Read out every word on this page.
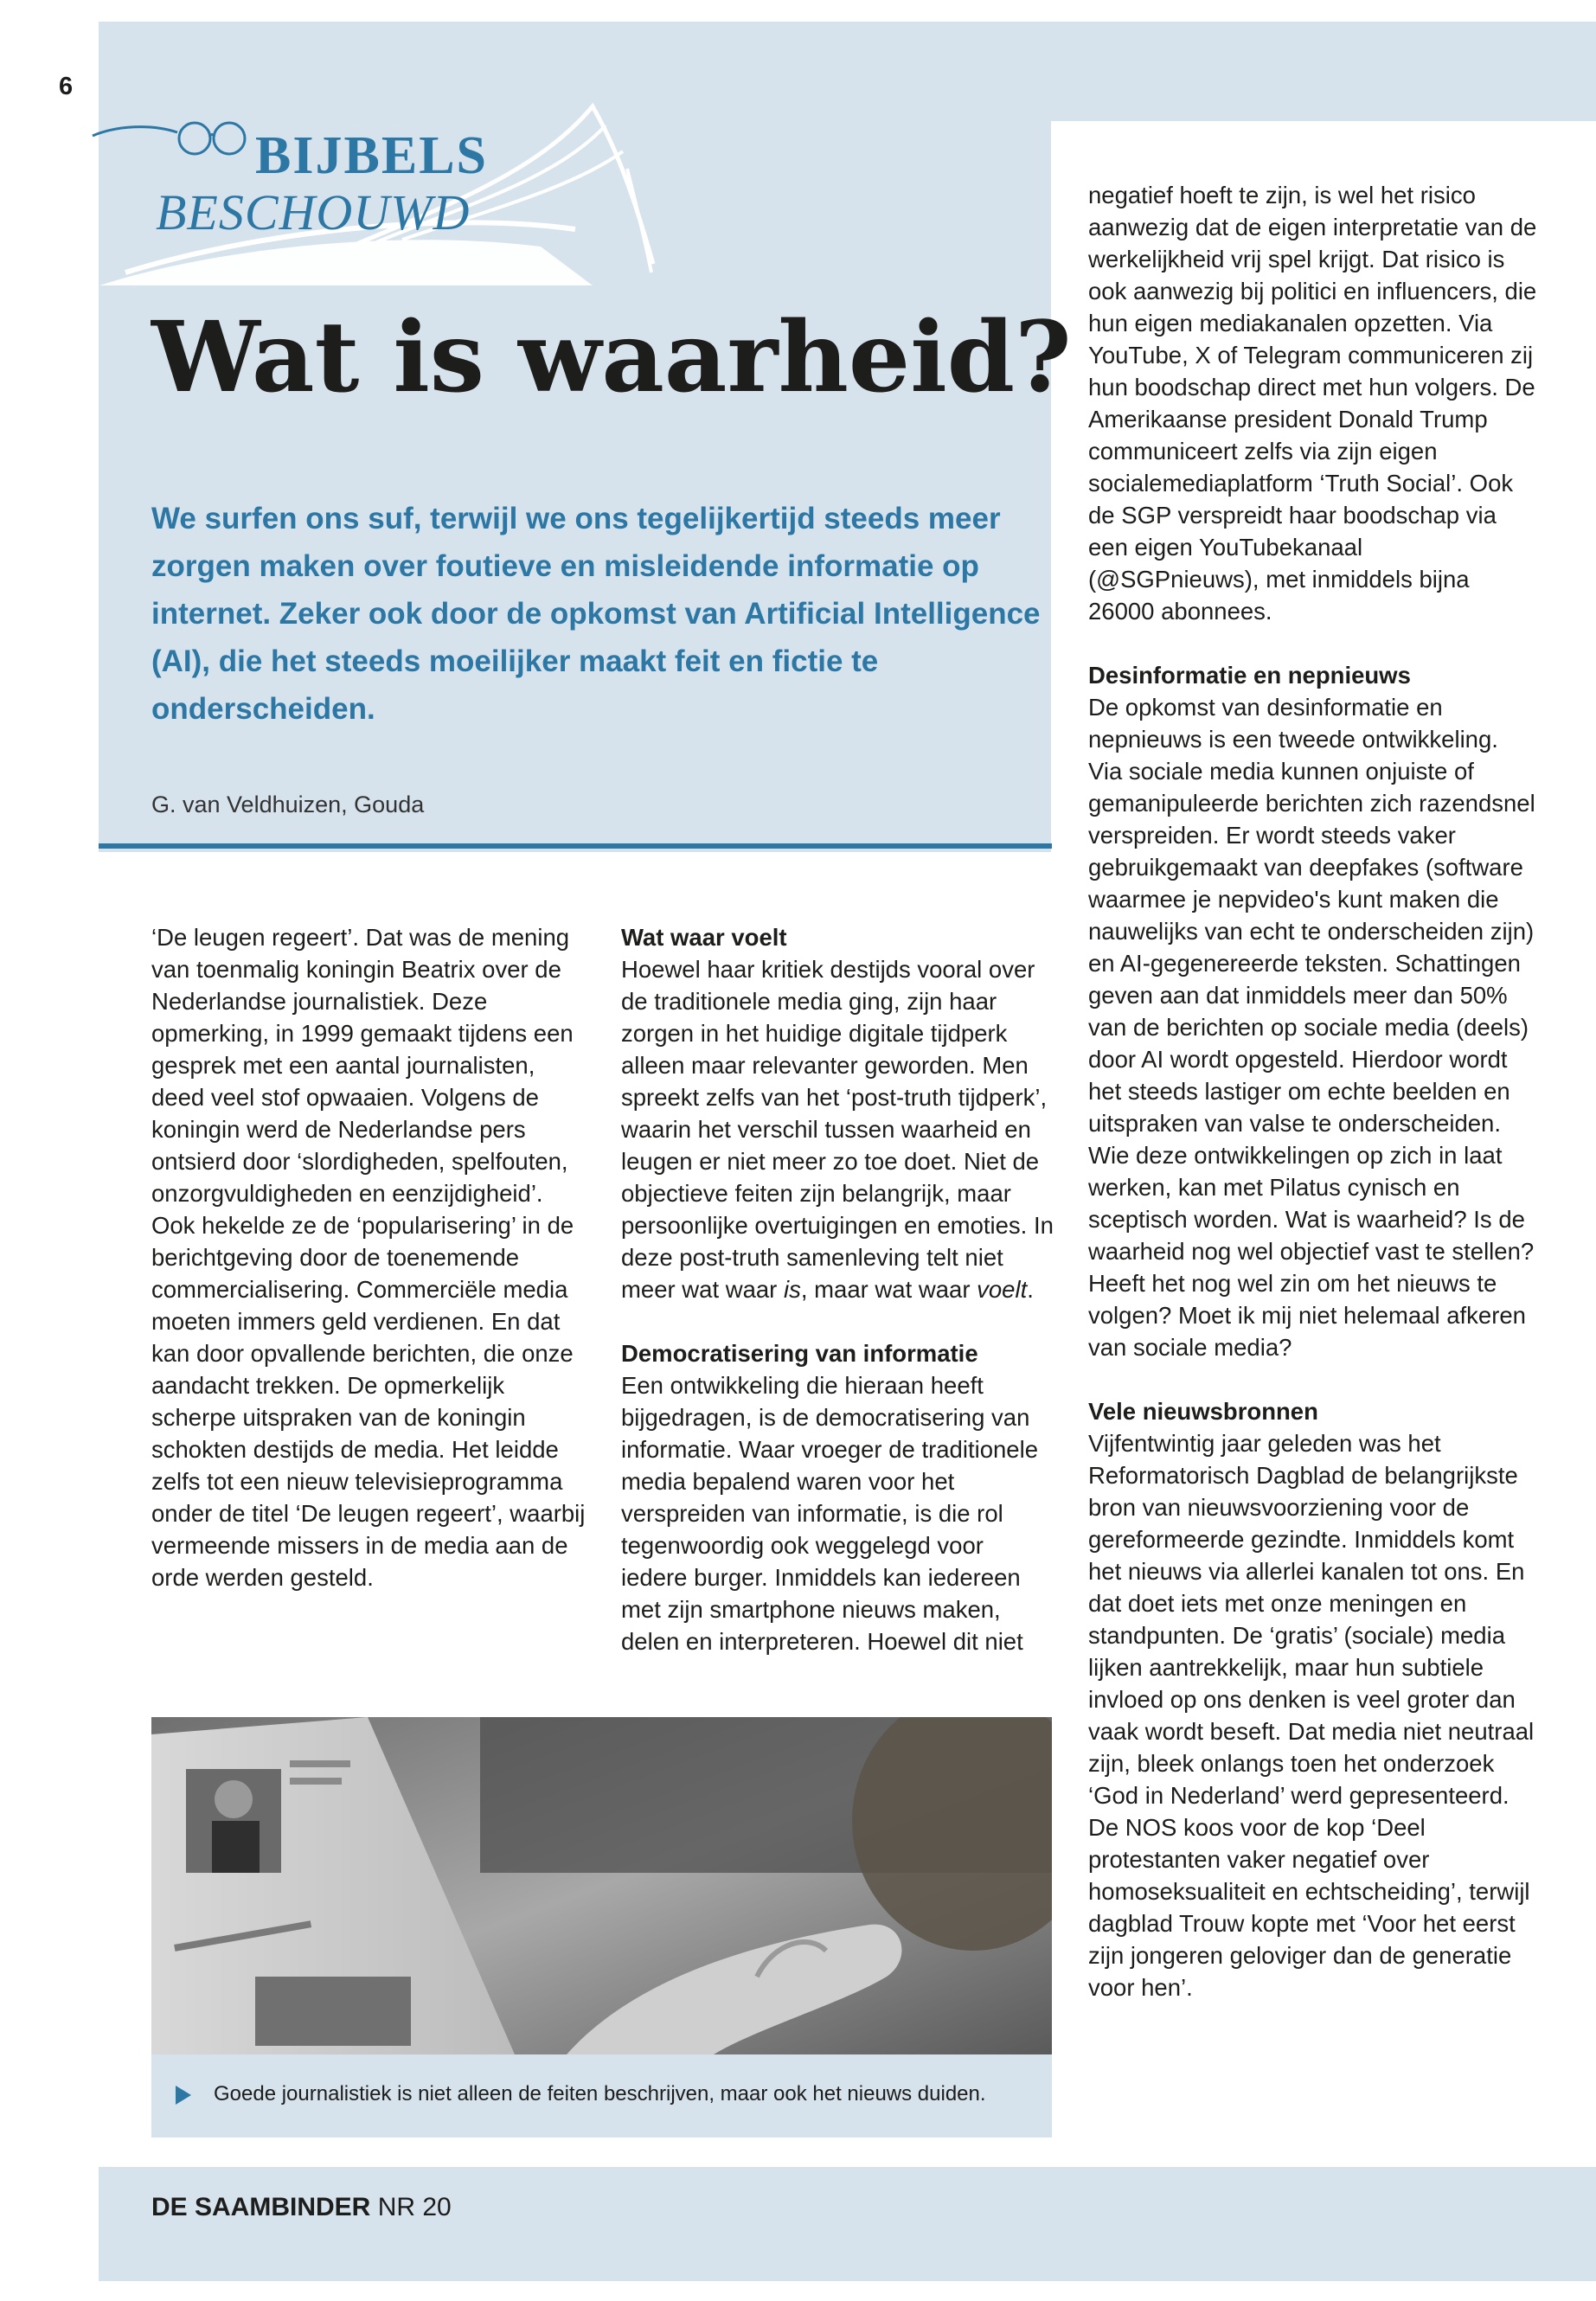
6
BIJBELS
BESCHOUWD
Wat is waarheid?

We surfen ons suf, terwijl we ons tegelijkertijd steeds meer zorgen maken over foutieve en misleidende informatie op internet. Zeker ook door de opkomst van Artificial Intelligence (AI), die het steeds moeilijker maakt feit en fictie te onderscheiden.

G. van Veldhuizen, Gouda

‘De leugen regeert’. Dat was de mening van toenmalig koningin Beatrix over de Nederlandse journalistiek. Deze opmerking, in 1999 gemaakt tijdens een gesprek met een aantal journalisten, deed veel stof opwaaien. Volgens de koningin werd de Nederlandse pers ontsierd door ‘slordigheden, spelfouten, onzorgvuldigheden en eenzijdigheid’. Ook hekelde ze de ‘popularisering’ in de berichtgeving door de toenemende commercialisering. Commerciële media moeten immers geld verdienen. En dat kan door opvallende berichten, die onze aandacht trekken. De opmerkelijk scherpe uitspraken van de koningin schokten destijds de media. Het leidde zelfs tot een nieuw televisieprogramma onder de titel ‘De leugen regeert’, waarbij vermeende missers in de media aan de orde werden gesteld.

Wat waar voelt

Hoewel haar kritiek destijds vooral over de traditionele media ging, zijn haar zorgen in het huidige digitale tijdperk alleen maar relevanter geworden. Men spreekt zelfs van het ‘post-truth tijdperk’, waarin het verschil tussen waarheid en leugen er niet meer zo toe doet. Niet de objectieve feiten zijn belangrijk, maar persoonlijke overtuigingen en emoties. In deze post-truth samenleving telt niet meer wat waar is, maar wat waar voelt.

Democratisering van informatie

Een ontwikkeling die hieraan heeft bijgedragen, is de democratisering van informatie. Waar vroeger de traditionele media bepalend waren voor het verspreiden van informatie, is die rol tegenwoordig ook weggelegd voor iedere burger. Inmiddels kan iedereen met zijn smartphone nieuws maken, delen en interpreteren. Hoewel dit niet

negatief hoeft te zijn, is wel het risico aanwezig dat de eigen interpretatie van de werkelijkheid vrij spel krijgt. Dat risico is ook aanwezig bij politici en influencers, die hun eigen mediakanalen opzetten. Via YouTube, X of Telegram communiceren zij hun boodschap direct met hun volgers. De Amerikaanse president Donald Trump communiceert zelfs via zijn eigen socialemediaplatform ‘Truth Social’. Ook de SGP verspreidt haar boodschap via een eigen YouTubekanaal (@SGPnieuws), met inmiddels bijna 26000 abonnees.

Desinformatie en nepnieuws

De opkomst van desinformatie en nepnieuws is een tweede ontwikkeling. Via sociale media kunnen onjuiste of gemanipuleerde berichten zich razendsnel verspreiden. Er wordt steeds vaker gebruikgemaakt van deepfakes (software waarmee je nepvideo's kunt maken die nauwelijks van echt te onderscheiden zijn) en AI-gegenereerde teksten. Schattingen geven aan dat inmiddels meer dan 50% van de berichten op sociale media (deels) door AI wordt opgesteld. Hierdoor wordt het steeds lastiger om echte beelden en uitspraken van valse te onderscheiden.

Wie deze ontwikkelingen op zich in laat werken, kan met Pilatus cynisch en sceptisch worden. Wat is waarheid? Is de waarheid nog wel objectief vast te stellen? Heeft het nog wel zin om het nieuws te volgen? Moet ik mij niet helemaal afkeren van sociale media?

Vele nieuwsbronnen

Vijfentwintig jaar geleden was het Reformatorisch Dagblad de belangrijkste bron van nieuwsvoorziening voor de gereformeerde gezindte. Inmiddels komt het nieuws via allerlei kanalen tot ons. En dat doet iets met onze meningen en standpunten. De ‘gratis’ (sociale) media lijken aantrekkelijk, maar hun subtiele invloed op ons denken is veel groter dan vaak wordt beseft. Dat media niet neutraal zijn, bleek onlangs toen het onderzoek ‘God in Nederland’ werd gepresenteerd. De NOS koos voor de kop ‘Deel protestanten vaker negatief over homoseksualiteit en echtscheiding’, terwijl dagblad Trouw kopte met ‘Voor het eerst zijn jongeren geloviger dan de generatie voor hen’.

Goede journalistiek is niet alleen de feiten beschrijven, maar ook het nieuws duiden.
DE SAAMBINDER NR 20
